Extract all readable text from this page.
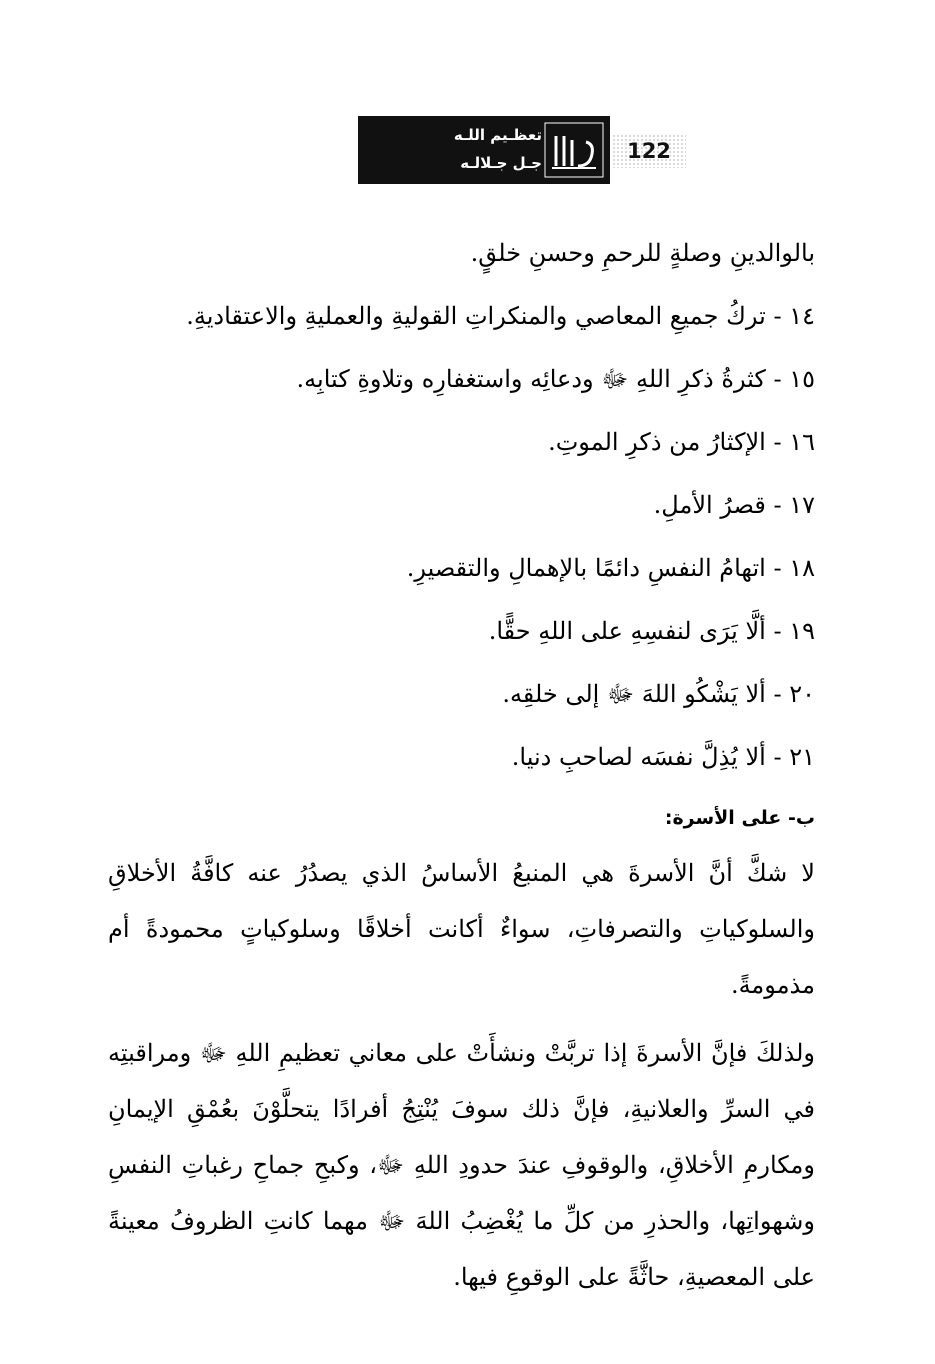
تعظـيم اللـه
جـل جـلالـه	122
بالوالدينِ وصلةٍ للرحمِ وحسنِ خلقٍ.
١٤ - تركُ جميعِ المعاصي والمنكراتِ القوليةِ والعمليةِ والاعتقاديةِ.
١٥ - كثرةُ ذكرِ اللهِ ﷻ ودعائِه واستغفارِه وتلاوةِ كتابِه.
١٦ - الإكثارُ من ذكرِ الموتِ.
١٧ - قصرُ الأملِ.
١٨ - اتهامُ النفسِ دائمًا بالإهمالِ والتقصيرِ.
١٩ - ألَّا يَرَى لنفسِهِ على اللهِ حقًّا.
٢٠ - ألا يَشْكُو اللهَ ﷻ إلى خلقِه.
٢١ - ألا يُذِلَّ نفسَه لصاحبِ دنيا.
ب- على الأسرة:

لا شكَّ أنَّ الأسرةَ هي المنبعُ الأساسُ الذي يصدُرُ عنه كافَّةُ الأخلاقِ والسلوكياتِ والتصرفاتِ، سواءٌ أكانت أخلاقًا وسلوكياتٍ محمودةً أم مذمومةً.

ولذلكَ فإنَّ الأسرةَ إذا تربَّتْ ونشأَتْ على معاني تعظيمِ اللهِ ﷻ ومراقبتِه في السرِّ والعلانيةِ، فإنَّ ذلك سوفَ يُنْتِجُ أفرادًا يتحلَّوْنَ بعُمْقِ الإيمانِ ومكارمِ الأخلاقِ، والوقوفِ عندَ حدودِ اللهِ ﷻ، وكبحِ جماحِ رغباتِ النفسِ وشهواتِها، والحذرِ من كلِّ ما يُغْضِبُ اللهَ ﷻ مهما كانتِ الظروفُ معينةً على المعصيةِ، حاثَّةً على الوقوعِ فيها.
